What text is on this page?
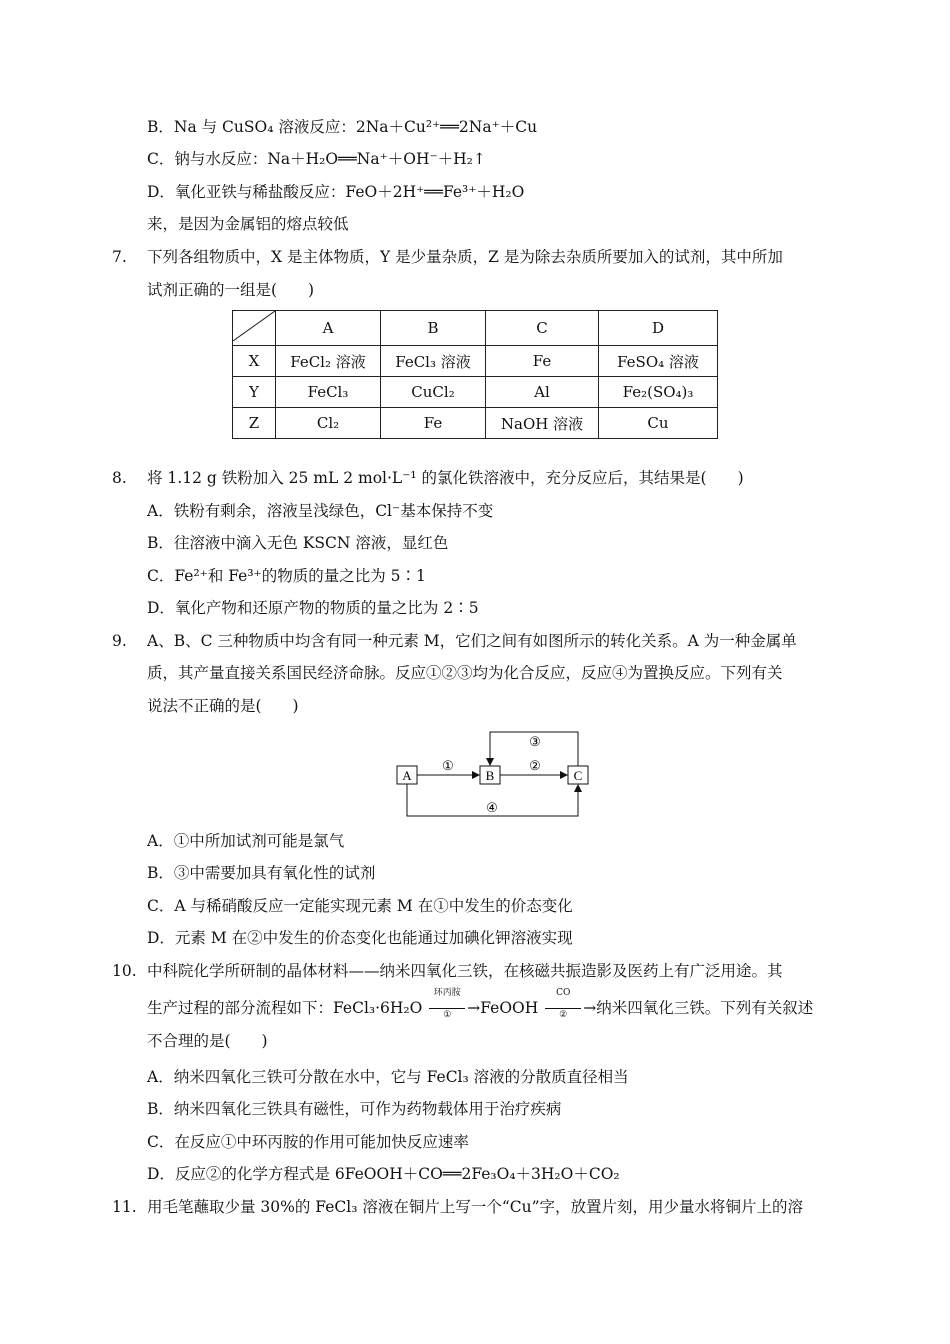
B．Na 与 CuSO₄ 溶液反应：2Na＋Cu²⁺══2Na⁺＋Cu
C．钠与水反应：Na＋H₂O══Na⁺＋OH⁻＋H₂↑
D．氧化亚铁与稀盐酸反应：FeO＋2H⁺══Fe³⁺＋H₂O
来，是因为金属铝的熔点较低
7. 下列各组物质中，X 是主体物质，Y 是少量杂质，Z 是为除去杂质所要加入的试剂，其中所加
试剂正确的一组是(　　)
	A	B	C	D
X	FeCl₂ 溶液	FeCl₃ 溶液	Fe	FeSO₄ 溶液
Y	FeCl₃	CuCl₂	Al	Fe₂(SO₄)₃
Z	Cl₂	Fe	NaOH 溶液	Cu
8. 将 1.12 g 铁粉加入 25 mL 2 mol·L⁻¹ 的氯化铁溶液中，充分反应后，其结果是(　　)
A．铁粉有剩余，溶液呈浅绿色，Cl⁻基本保持不变
B．往溶液中滴入无色 KSCN 溶液，显红色
C．Fe²⁺和 Fe³⁺的物质的量之比为 5∶1
D．氧化产物和还原产物的物质的量之比为 2∶5
9. A、B、C 三种物质中均含有同一种元素 M，它们之间有如图所示的转化关系。A 为一种金属单
质，其产量直接关系国民经济命脉。反应①②③均为化合反应，反应④为置换反应。下列有关
说法不正确的是(　　)
A	B	C
①	②
③
④
A．①中所加试剂可能是氯气
B．③中需要加具有氧化性的试剂
C．A 与稀硝酸反应一定能实现元素 M 在①中发生的价态变化
D．元素 M 在②中发生的价态变化也能通过加碘化钾溶液实现
10. 中科院化学所研制的晶体材料——纳米四氧化三铁，在核磁共振造影及医药上有广泛用途。其
生产过程的部分流程如下：FeCl₃·6H₂O
环丙胺
①	→FeOOH
CO
②	→纳米四氧化三铁。下列有关叙述
不合理的是(　　)
A．纳米四氧化三铁可分散在水中，它与 FeCl₃ 溶液的分散质直径相当
B．纳米四氧化三铁具有磁性，可作为药物载体用于治疗疾病
C．在反应①中环丙胺的作用可能加快反应速率
D．反应②的化学方程式是 6FeOOH＋CO══2Fe₃O₄＋3H₂O＋CO₂
11. 用毛笔蘸取少量 30%的 FeCl₃ 溶液在铜片上写一个“Cu”字，放置片刻，用少量水将铜片上的溶
